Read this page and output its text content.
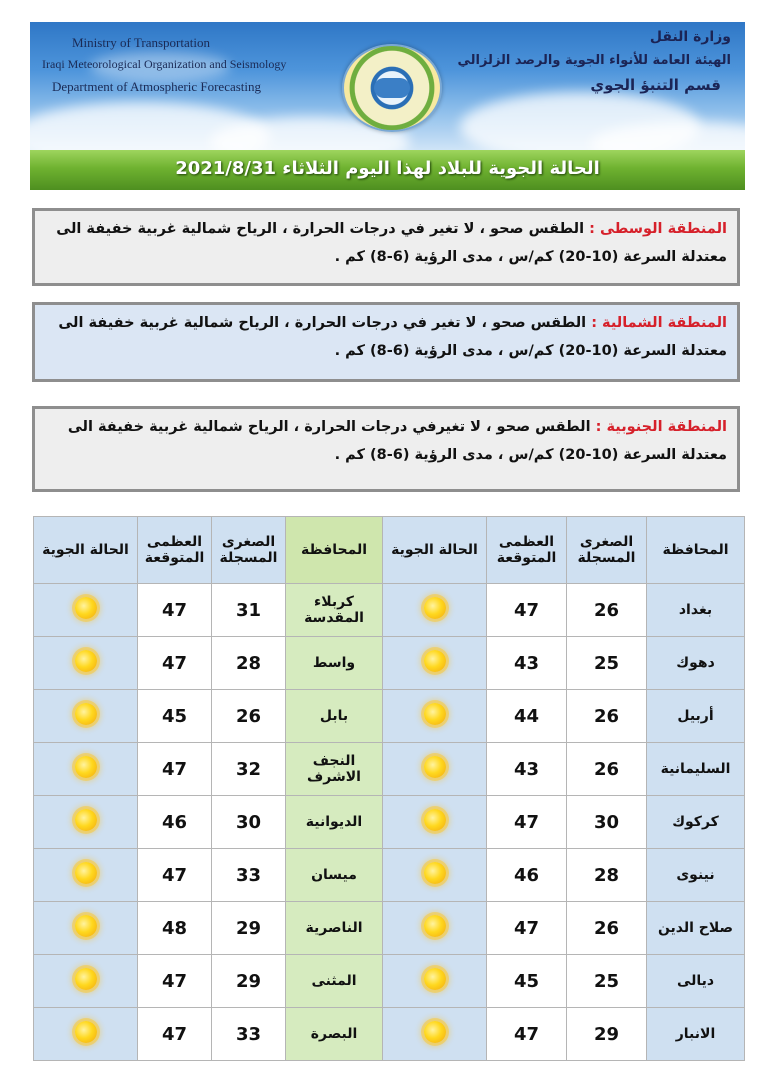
Ministry of Transportation
Iraqi Meteorological Organization and Seismology
Department of Atmospheric Forecasting
وزارة النقل
الهيئة العامة للأنواء الجوية والرصد الزلزالي
قسم التنبؤ الجوي
الحالة الجوية للبلاد لهذا اليوم الثلاثاء 2021/8/31
المنطقة الوسطى : الطقس صحو ، لا تغير في درجات الحرارة ، الرياح شمالية غربية خفيفة الى معتدلة السرعة (10-20) كم/س ، مدى الرؤية (6-8) كم .
المنطقة الشمالية : الطقس صحو ، لا تغير في درجات الحرارة ، الرياح شمالية غربية خفيفة الى معتدلة السرعة (10-20) كم/س ، مدى الرؤية (6-8) كم .
المنطقة الجنوبية : الطقس صحو ، لا تغيرفي درجات الحرارة ، الرياح شمالية غربية خفيفة الى معتدلة السرعة (10-20) كم/س ، مدى الرؤية (6-8) كم .
الحالة الجوية	العظمى المتوقعة	الصغرى المسجلة	المحافظة	الحالة الجوية	العظمى المتوقعة	الصغرى المسجلة	المحافظة
	47	31	كربلاء المقدسة		47	26	بغداد
	47	28	واسط		43	25	دهوك
	45	26	بابل		44	26	أربيل
	47	32	النجف الاشرف		43	26	السليمانية
	46	30	الديوانية		47	30	كركوك
	47	33	ميسان		46	28	نينوى
	48	29	الناصرية		47	26	صلاح الدين
	47	29	المثنى		45	25	ديالى
	47	33	البصرة		47	29	الانبار
